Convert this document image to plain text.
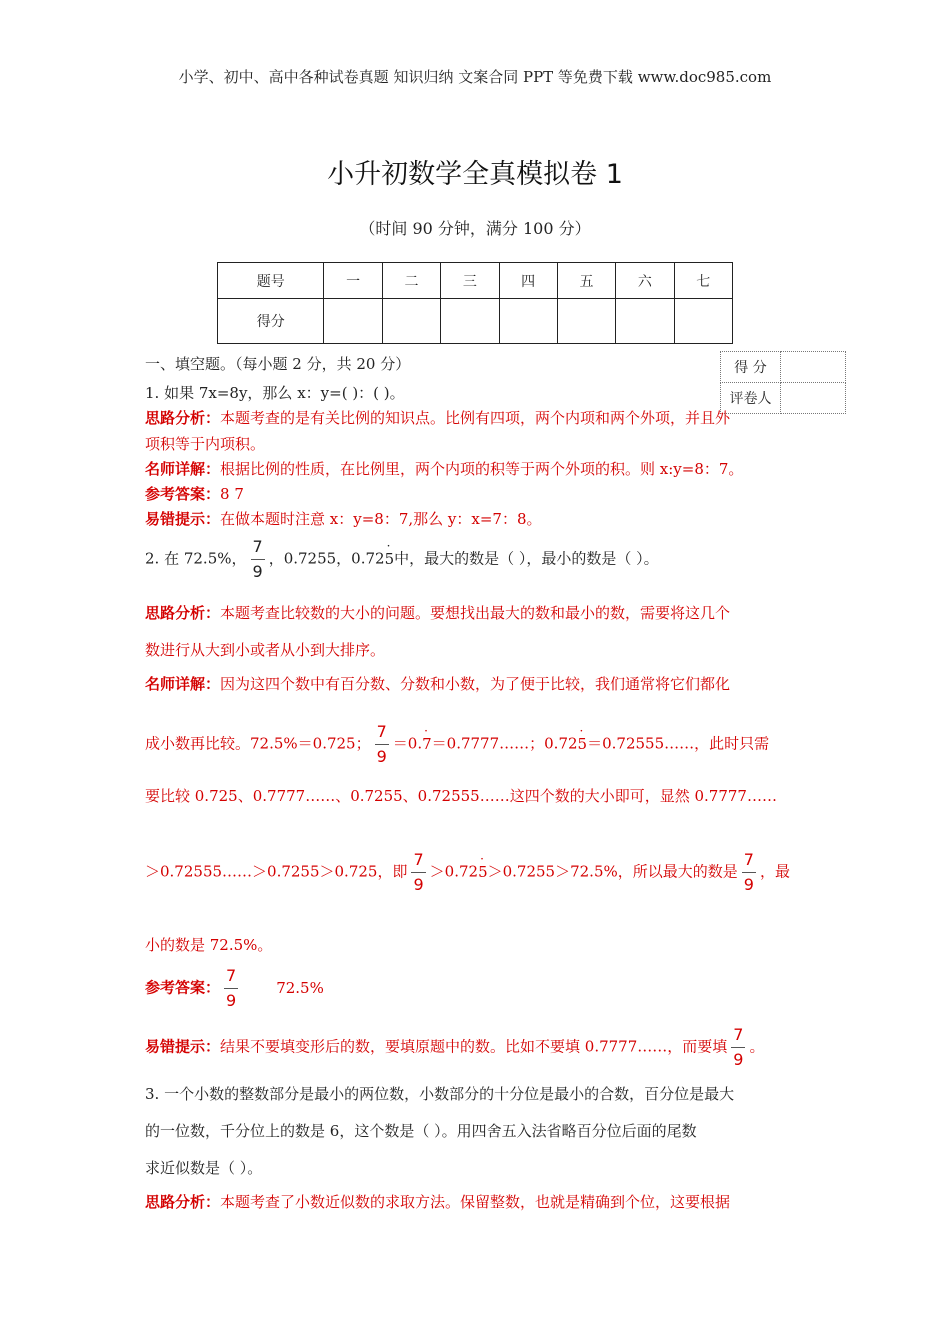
小学、初中、高中各种试卷真题 知识归纳 文案合同 PPT 等免费下载 www.doc985.com
小升初数学全真模拟卷 1
（时间 90 分钟，满分 100 分）
题号	一	二	三	四	五	六	七
得分							
得 分	
评卷人	
一、填空题。（每小题 2 分，共 20 分）
1. 如果 7x=8y，那么 x：y=( )：( )。
思路分析：本题考查的是有关比例的知识点。比例有四项，两个内项和两个外项，并且外
项积等于内项积。
名师详解：根据比例的性质，在比例里，两个内项的积等于两个外项的积。则 x:y=8：7。
参考答案：8 7
易错提示：在做本题时注意 x：y=8：7,那么 y：x=7：8。
2. 在 72.5%， $\frac{7}{9}$ ，0.7255，0.72· 5中，最大的数是（ ），最小的数是（ ）。
思路分析：本题考查比较数的大小的问题。要想找出最大的数和最小的数，需要将这几个
数进行从大到小或者从小到大排序。
名师详解：因为这四个数中有百分数、分数和小数，为了便于比较，我们通常将它们都化
成小数再比较。72.5%＝0.725； $\frac{7}{9} =0.\cdot$ 7＝0.7777……；0.72· 5＝0.72555……，此时只需
要比较 0.725、0.7777……、0.7255、0.72555……这四个数的大小即可，显然 0.7777……
＞0.72555……＞0.7255＞0.725，即 $\frac{7}{9} >0.72\cdot 5>0.7255>72.5\%$，所以最大的数是 $\frac{7}{9}$ ，最
小的数是 72.5%。
参考答案： $\frac{7}{9}$	72.5%
易错提示：结果不要填变形后的数，要填原题中的数。比如不要填 0.7777……，而要填 $\frac{7}{9}$ 。
3. 一个小数的整数部分是最小的两位数，小数部分的十分位是最小的合数，百分位是最大
的一位数，千分位上的数是 6，这个数是（ ）。用四舍五入法省略百分位后面的尾数
求近似数是（ ）。
思路分析：本题考查了小数近似数的求取方法。保留整数，也就是精确到个位，这要根据
